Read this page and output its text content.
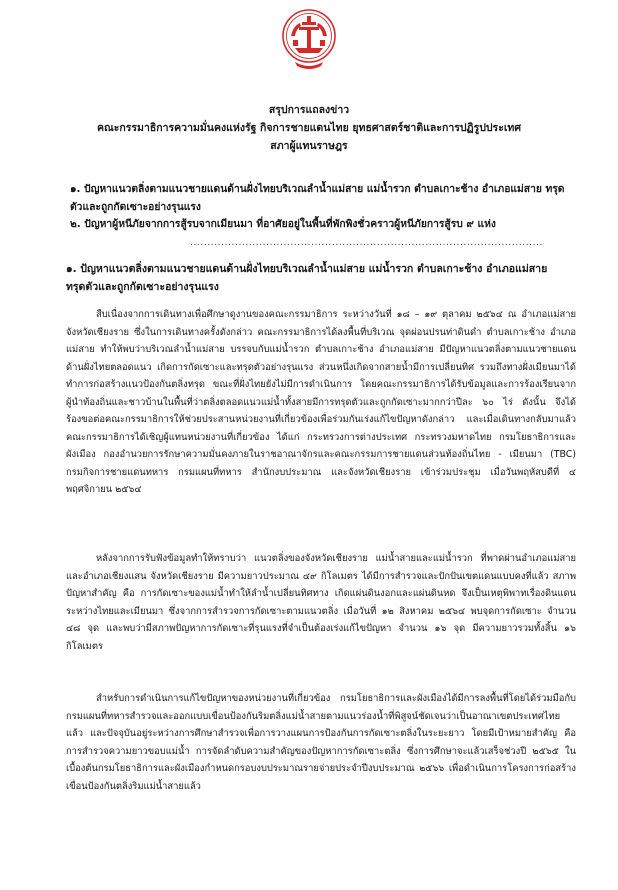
สรุปการแถลงข่าว
คณะกรรมาธิการความมั่นคงแห่งรัฐ กิจการชายแดนไทย ยุทธศาสตร์ชาติและการปฏิรูปประเทศ
สภาผู้แทนราษฎร
๑. ปัญหาแนวตลิ่งตามแนวชายแดนด้านฝั่งไทยบริเวณลำน้ำแม่สาย แม่น้ำรวก ตำบลเกาะช้าง อำเภอแม่สาย ทรุดตัวและถูกกัดเซาะอย่างรุนแรง
๒. ปัญหาผู้หนีภัยจากการสู้รบจากเมียนมา ที่อาศัยอยู่ในพื้นที่พักพิงชั่วคราวผู้หนีภัยการสู้รบ ๙ แห่ง
......................................................................................................
๑. ปัญหาแนวตลิ่งตามแนวชายแดนด้านฝั่งไทยบริเวณลำน้ำแม่สาย แม่น้ำรวก ตำบลเกาะช้าง อำเภอแม่สาย ทรุดตัวและถูกกัดเซาะอย่างรุนแรง
สืบเนื่องจากการเดินทางเพื่อศึกษาดูงานของคณะกรรมาธิการ ระหว่างวันที่ ๑๘ – ๑๙ ตุลาคม ๒๕๖๔ ณ อำเภอแม่สาย จังหวัดเชียงราย ซึ่งในการเดินทางครั้งดังกล่าว คณะกรรมาธิการได้ลงพื้นที่บริเวณ จุดผ่อนปรนท่าดินดำ ตำบลเกาะช้าง อำเภอแม่สาย ทำให้พบว่าบริเวณลำน้ำแม่สาย บรรจบกับแม่น้ำรวก ตำบลเกาะช้าง อำเภอแม่สาย มีปัญหาแนวตลิ่งตามแนวชายแดนด้านฝั่งไทยตลอดแนว เกิดการกัดเซาะและทรุดตัวอย่างรุนแรง ส่วนหนึ่งเกิดจากสายน้ำมีการเปลี่ยนทิศ รวมถึงทางฝั่งเมียนมาได้ทำการก่อสร้างแนวป้องกันตลิ่งทรุด ขณะที่ฝั่งไทยยังไม่มีการดำเนินการ โดยคณะกรรมาธิการได้รับข้อมูลและการร้องเรียนจากผู้นำท้องถิ่นและชาวบ้านในพื้นที่ว่าตลิ่งตลอดแนวแม่น้ำทั้งสายมีการทรุดตัวและถูกกัดเซาะมากกว่าปีละ ๖๐ ไร่ ดังนั้น จึงได้ร้องขอต่อคณะกรรมาธิการให้ช่วยประสานหน่วยงานที่เกี่ยวข้องเพื่อร่วมกันเร่งแก้ไขปัญหาดังกล่าว และเมื่อเดินทางกลับมาแล้ว คณะกรรมาธิการได้เชิญผู้แทนหน่วยงานที่เกี่ยวข้อง ได้แก่ กระทรวงการต่างประเทศ กระทรวงมหาดไทย กรมโยธาธิการและผังเมือง กองอำนวยการรักษาความมั่นคงภายในราชอาณาจักรและคณะกรรมการชายแดนส่วนท้องถิ่นไทย - เมียนมา (TBC) กรมกิจการชายแดนทหาร กรมแผนที่ทหาร สำนักงบประมาณ และจังหวัดเชียงราย เข้าร่วมประชุม เมื่อวันพฤหัสบดีที่ ๔ พฤศจิกายน ๒๕๖๔
หลังจากการรับฟังข้อมูลทำให้ทราบว่า แนวตลิ่งของจังหวัดเชียงราย แม่น้ำสายและแม่น้ำรวก ที่พาดผ่านอำเภอแม่สายและอำเภอเชียงแสน จังหวัดเชียงราย มีความยาวประมาณ ๔๙ กิโลเมตร ได้มีการสำรวจและปักปันเขตแดนแบบคงที่แล้ว สภาพปัญหาสำคัญ คือ การกัดเซาะของแม่น้ำทำให้ลำน้ำเปลี่ยนทิศทาง เกิดแผ่นดินงอกและแผ่นดินหด จึงเป็นเหตุพิพาทเรื่องดินแดนระหว่างไทยและเมียนมา ซึ่งจากการสำรวจการกัดเซาะตามแนวตลิ่ง เมื่อวันที่ ๑๒ สิงหาคม ๒๕๖๔ พบจุดการกัดเซาะ จำนวน ๔๘ จุด และพบว่ามีสภาพปัญหาการกัดเซาะที่รุนแรงที่จำเป็นต้องเร่งแก้ไขปัญหา จำนวน ๑๖ จุด มีความยาวรวมทั้งสิ้น ๑๖ กิโลเมตร
สำหรับการดำเนินการแก้ไขปัญหาของหน่วยงานที่เกี่ยวข้อง กรมโยธาธิการและผังเมืองได้มีการลงพื้นที่โดยได้ร่วมมือกับกรมแผนที่ทหารสำรวจและออกแบบเขื่อนป้องกันริมตลิ่งแม่น้ำสายตามแนวร่องน้ำที่พิสูจน์ชัดเจนว่าเป็นอาณาเขตประเทศไทยแล้ว และปัจจุบันอยู่ระหว่างการศึกษาสำรวจเพื่อการวางแผนการป้องกันการกัดเซาะตลิ่งในระยะยาว โดยมีเป้าหมายสำคัญ คือ การสำรวจความยาวขอบแม่น้ำ การจัดลำดับความสำคัญของปัญหาการกัดเซาะตลิ่ง ซึ่งการศึกษาจะแล้วเสร็จช่วงปี ๒๕๖๕ ในเบื้องต้นกรมโยธาธิการและผังเมืองกำหนดกรอบงบประมาณรายจ่ายประจำปีงบประมาณ ๒๕๖๖ เพื่อดำเนินการโครงการก่อสร้างเขื่อนป้องกันตลิ่งริมแม่น้ำสายแล้ว
